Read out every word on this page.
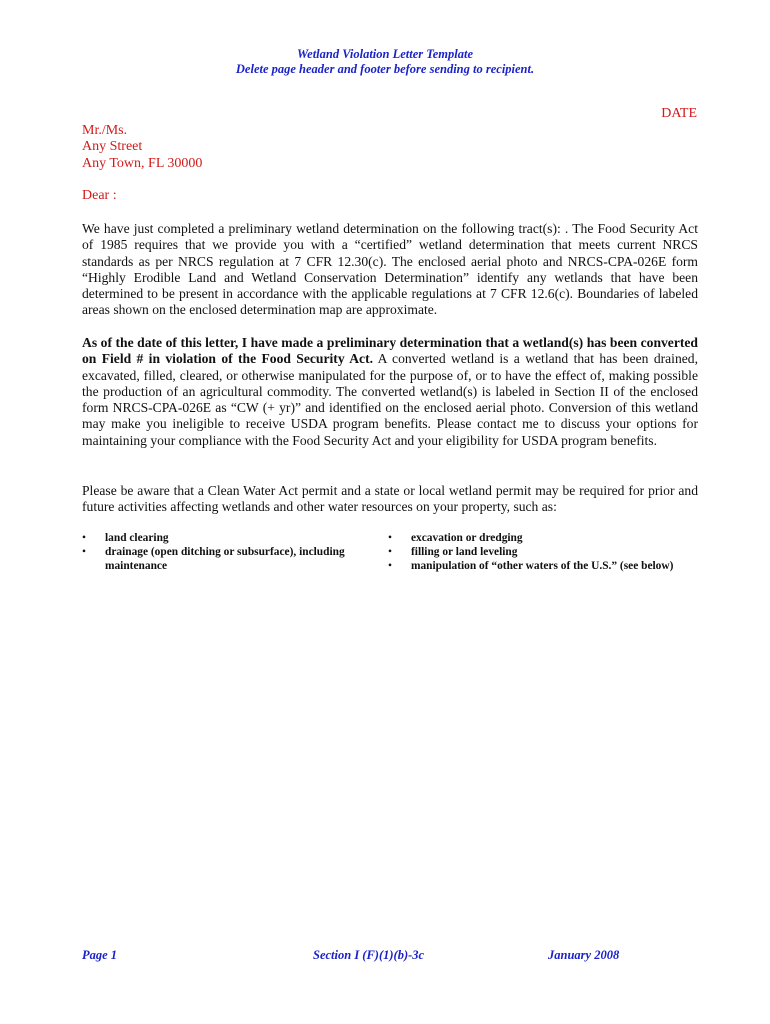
Wetland Violation Letter Template
Delete page header and footer before sending to recipient.
DATE
Mr./Ms.
Any Street
Any Town, FL 30000
Dear :
We have just completed a preliminary wetland determination on the following tract(s): . The Food Security Act of 1985 requires that we provide you with a “certified” wetland determination that meets current NRCS standards as per NRCS regulation at 7 CFR 12.30(c). The enclosed aerial photo and NRCS-CPA-026E form “Highly Erodible Land and Wetland Conservation Determination” identify any wetlands that have been determined to be present in accordance with the applicable regulations at 7 CFR 12.6(c). Boundaries of labeled areas shown on the enclosed determination map are approximate.
As of the date of this letter, I have made a preliminary determination that a wetland(s) has been converted on Field # in violation of the Food Security Act. A converted wetland is a wetland that has been drained, excavated, filled, cleared, or otherwise manipulated for the purpose of, or to have the effect of, making possible the production of an agricultural commodity. The converted wetland(s) is labeled in Section II of the enclosed form NRCS-CPA-026E as “CW (+ yr)” and identified on the enclosed aerial photo. Conversion of this wetland may make you ineligible to receive USDA program benefits. Please contact me to discuss your options for maintaining your compliance with the Food Security Act and your eligibility for USDA program benefits.
Please be aware that a Clean Water Act permit and a state or local wetland permit may be required for prior and future activities affecting wetlands and other water resources on your property, such as:
• land clearing
• drainage (open ditching or subsurface), including maintenance
• excavation or dredging
• filling or land leveling
• manipulation of “other waters of the U.S.” (see below)
Page 1	Section I (F)(1)(b)-3c	January 2008
